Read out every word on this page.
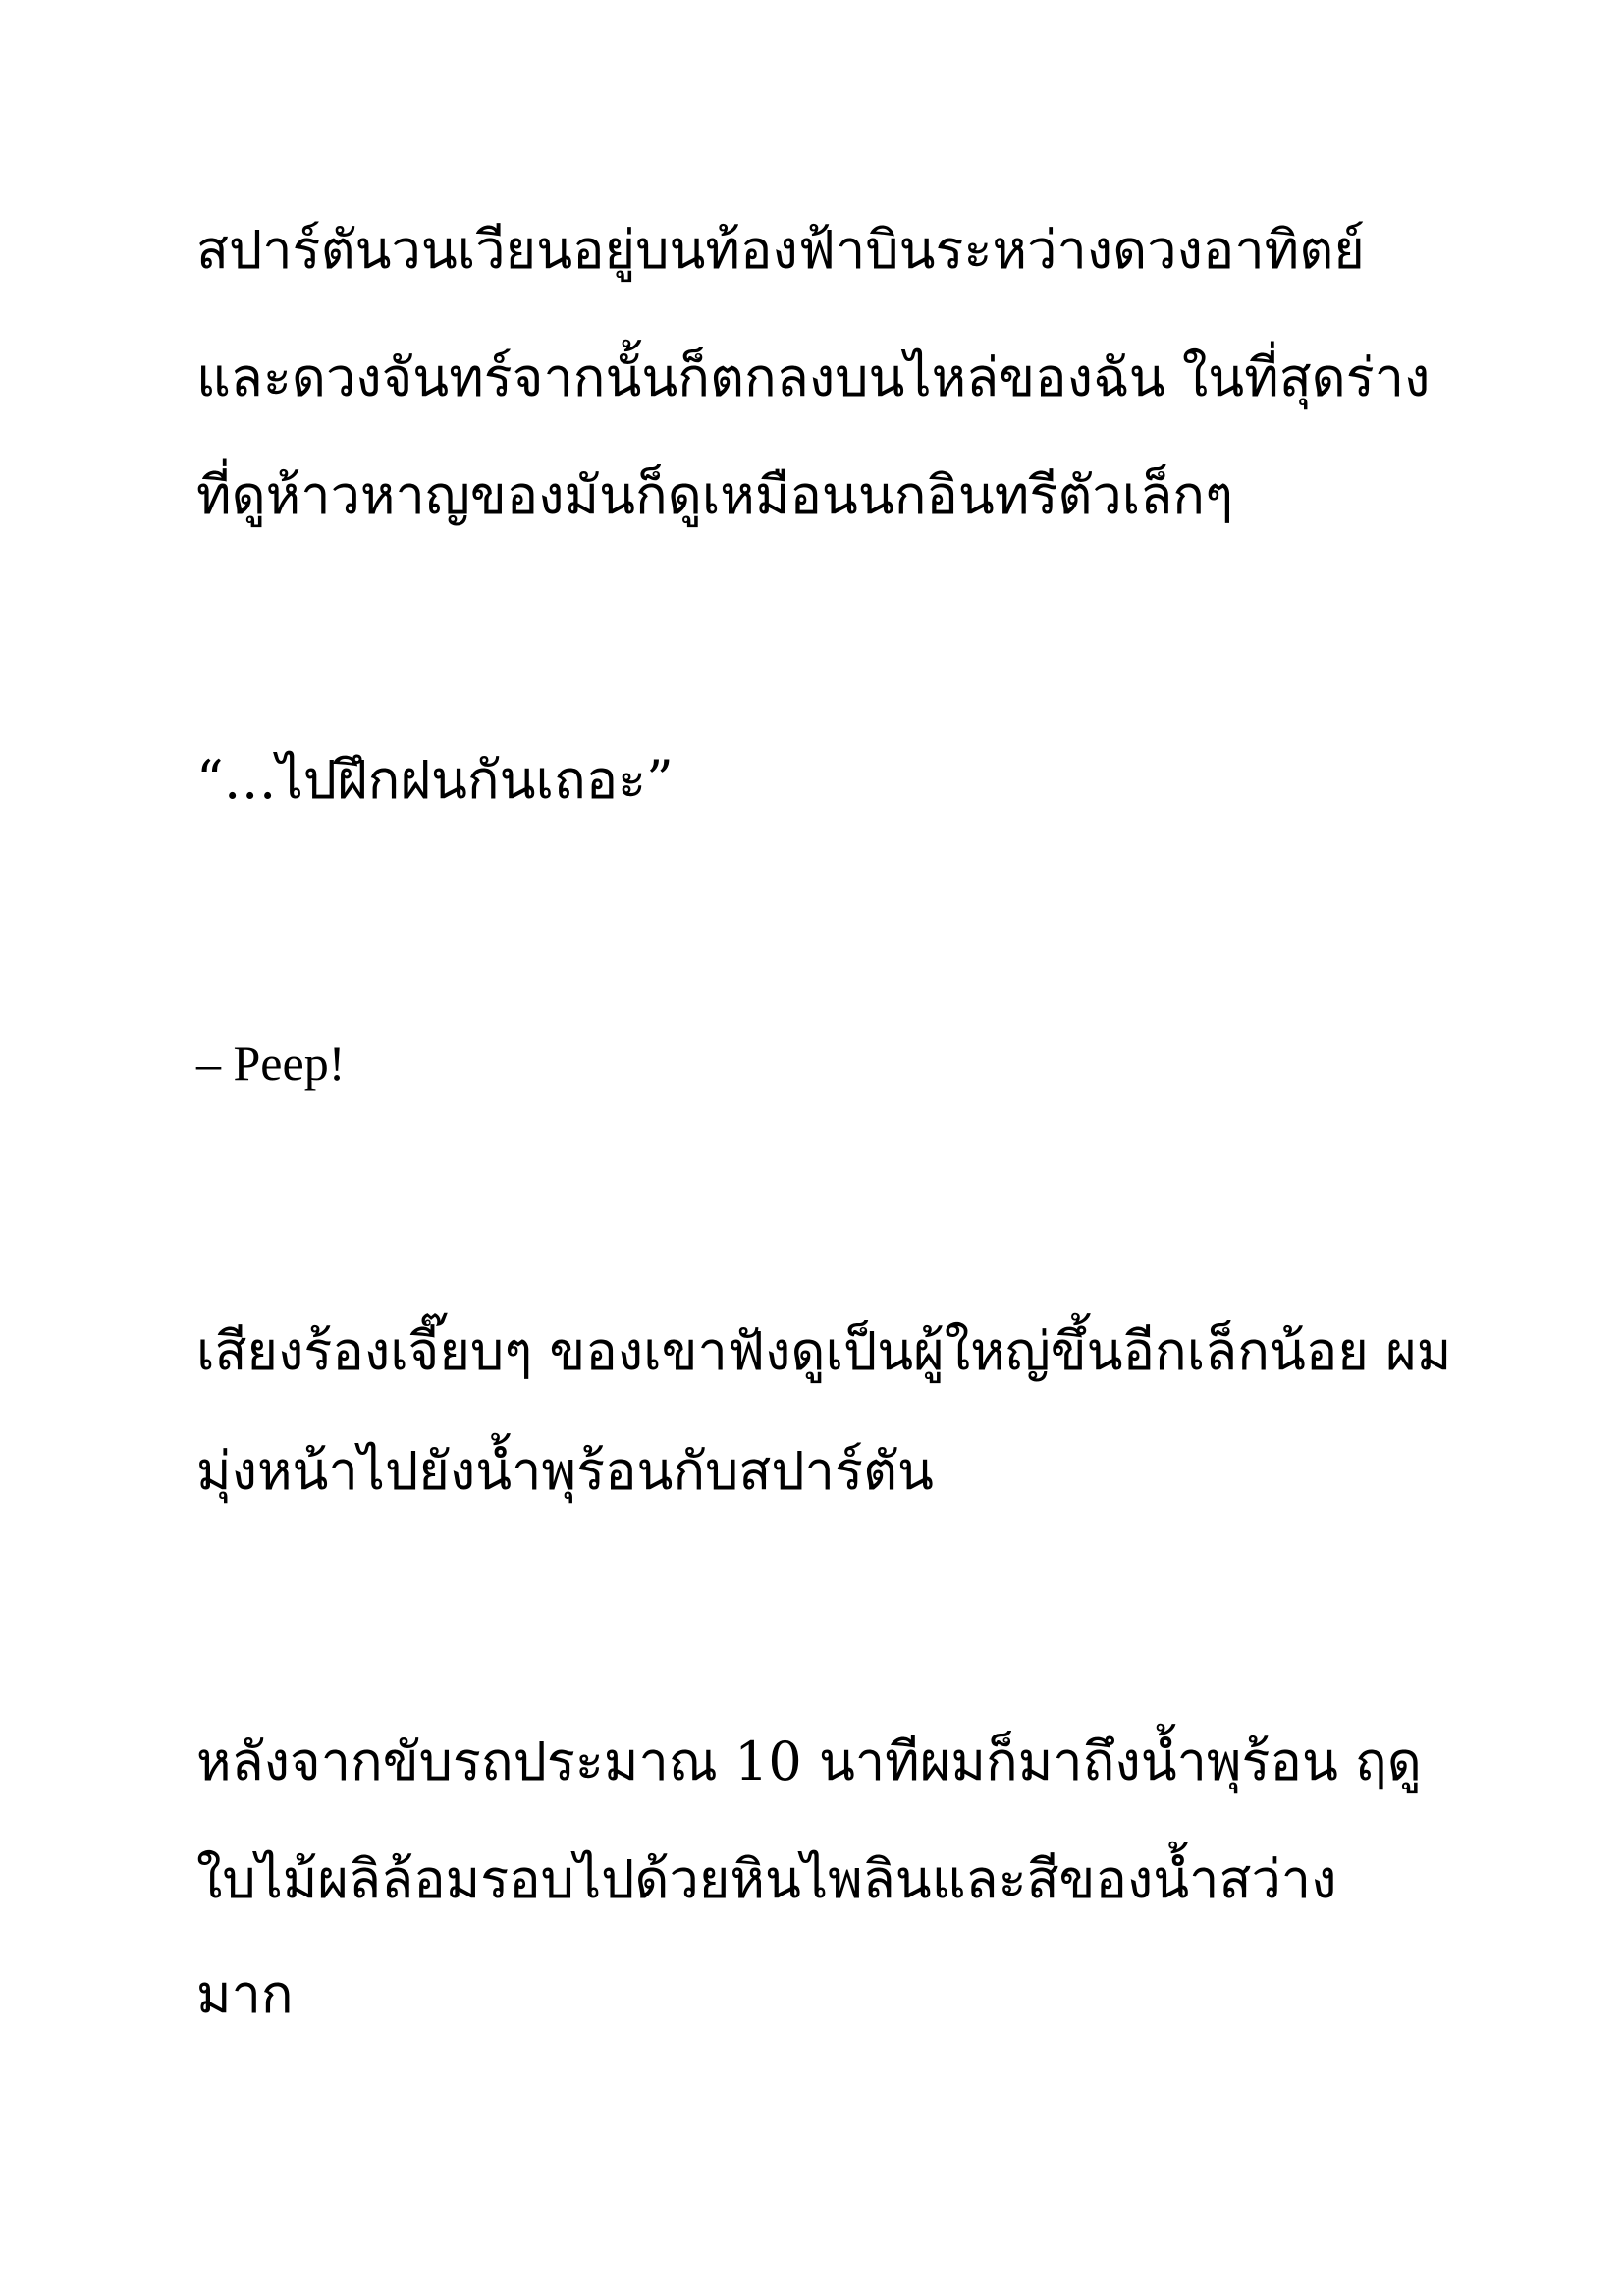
สปาร์ตันวนเวียนอยู่บนท้องฟ้าบินระหว่างดวงอาทิตย์
และดวงจันทร์จากนั้นก็ตกลงบนไหล่ของฉัน ในที่สุดร่าง
ที่ดูห้าวหาญของมันก็ดูเหมือนนกอินทรีตัวเล็กๆ
“…ไปฝึกฝนกันเถอะ”
– Peep!
เสียงร้องเจี๊ยบๆ ของเขาฟังดูเป็นผู้ใหญ่ขึ้นอีกเล็กน้อย ผม
มุ่งหน้าไปยังน้ำพุร้อนกับสปาร์ตัน
หลังจากขับรถประมาณ 10 นาทีผมก็มาถึงน้ำพุร้อน ฤดู
ใบไม้ผลิล้อมรอบไปด้วยหินไพลินและสีของน้ำสว่าง
มาก
